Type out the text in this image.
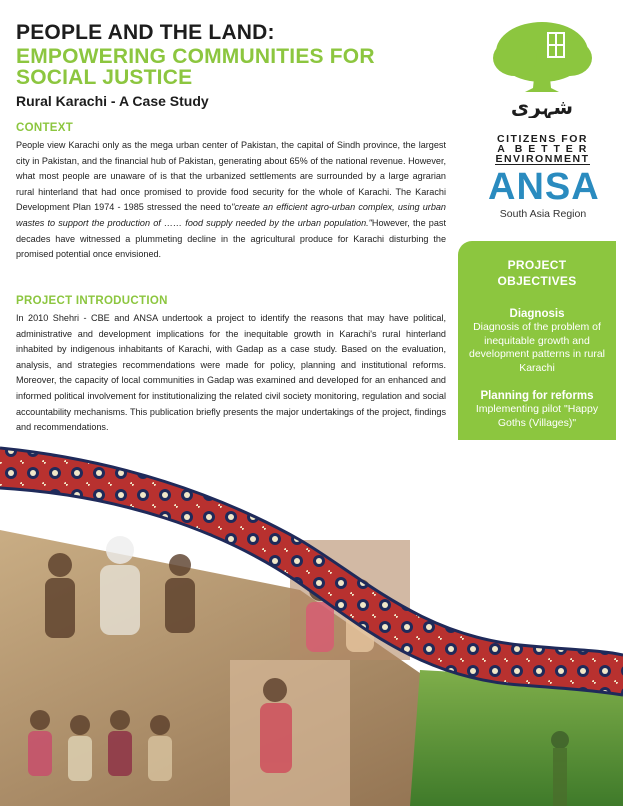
PEOPLE AND THE LAND:
EMPOWERING COMMUNITIES FOR SOCIAL JUSTICE
Rural Karachi - A Case Study	شہری
CITIZENS FOR
A  B E T T E R
ENVIRONMENT
ANSA
South Asia Region
CONTEXT
People view Karachi only as the mega urban center of Pakistan, the capital of Sindh province, the largest city in Pakistan, and the financial hub of Pakistan, generating about 65% of the national revenue. However, what most people are unaware of is that the urbanized settlements are surrounded by a large agrarian rural hinterland that had once promised to provide food security for the whole of Karachi. The Karachi Development Plan 1974 - 1985 stressed the need to"create an efficient agro-urban complex, using urban wastes to support the production of …… food supply needed by the urban population."However, the past decades have witnessed a plummeting decline in the agricultural produce for Karachi disturbing the promised potential once envisioned.
PROJECT INTRODUCTION
In 2010 Shehri - CBE and ANSA undertook a project to identify the reasons that may have political, administrative and development implications for the inequitable growth in Karachi's rural hinterland inhabited by indigenous inhabitants of Karachi, with Gadap as a case study. Based on the evaluation, analysis, and strategies recommendations were made for policy, planning and institutional reforms. Moreover, the capacity of local communities in Gadap was examined and developed for an enhanced and informed political involvement for institutionalizing the related civil society monitoring, regulation and social accountability mechanisms. This publication briefly presents the major undertakings of the project, findings and recommendations.
PROJECT
OBJECTIVES
Diagnosis
Diagnosis of the problem of inequitable growth and development patterns in rural Karachi
Planning for reforms
Implementing pilot "Happy Goths (Villages)"
